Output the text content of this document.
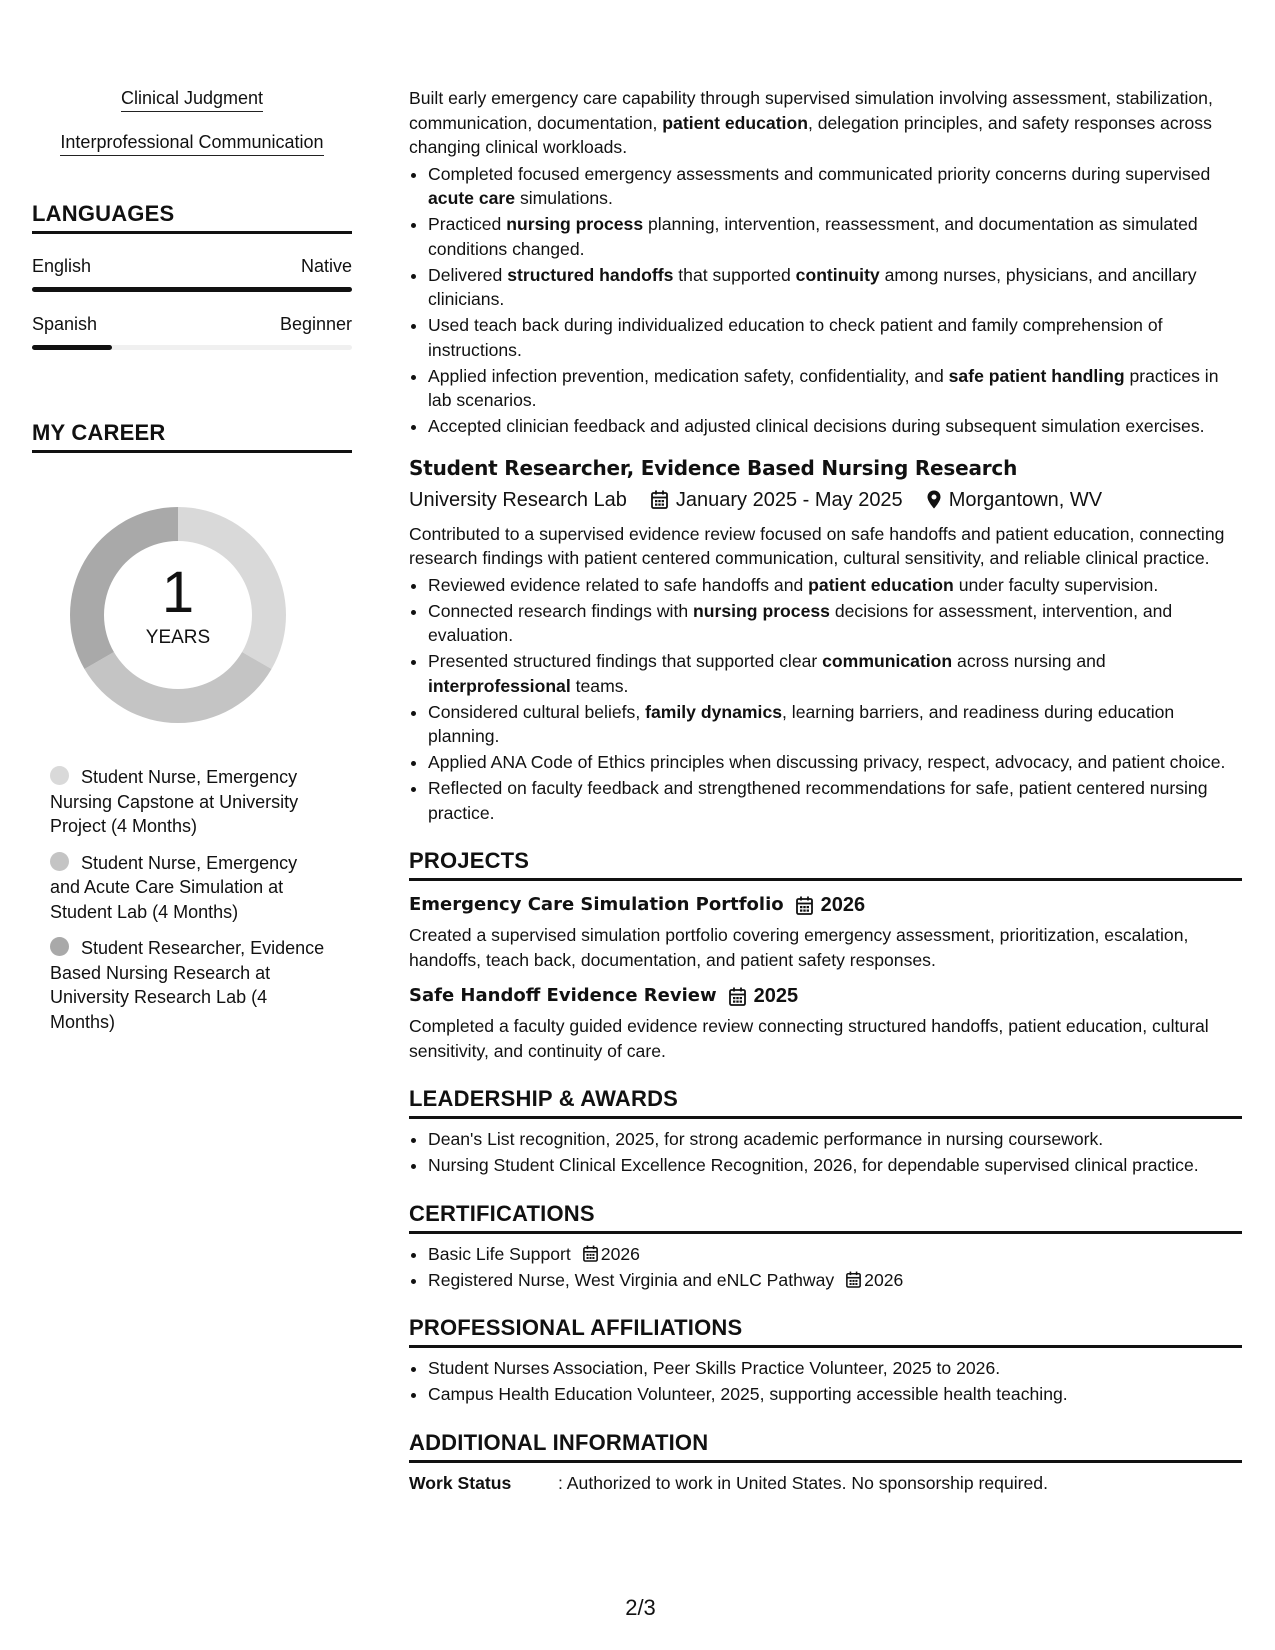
Clinical Judgment
Interprofessional Communication
LANGUAGES
English	Native
Spanish	Beginner
MY CAREER
1
YEARS
Student Nurse, Emergency Nursing Capstone at University Project (4 Months)
Student Nurse, Emergency and Acute Care Simulation at Student Lab (4 Months)
Student Researcher, Evidence Based Nursing Research at University Research Lab (4 Months)

Built early emergency care capability through supervised simulation involving assessment, stabilization, communication, documentation, patient education, delegation principles, and safety responses across changing clinical workloads.

• Completed focused emergency assessments and communicated priority concerns during supervised acute care simulations.
• Practiced nursing process planning, intervention, reassessment, and documentation as simulated conditions changed.
• Delivered structured handoffs that supported continuity among nurses, physicians, and ancillary clinicians.
• Used teach back during individualized education to check patient and family comprehension of instructions.
• Applied infection prevention, medication safety, confidentiality, and safe patient handling practices in lab scenarios.
• Accepted clinician feedback and adjusted clinical decisions during subsequent simulation exercises.
Student Researcher, Evidence Based Nursing Research
University Research Lab January 2025 - May 2025 Morgantown, WV

Contributed to a supervised evidence review focused on safe handoffs and patient education, connecting research findings with patient centered communication, cultural sensitivity, and reliable clinical practice.

• Reviewed evidence related to safe handoffs and patient education under faculty supervision.
• Connected research findings with nursing process decisions for assessment, intervention, and evaluation.
• Presented structured findings that supported clear communication across nursing and interprofessional teams.
• Considered cultural beliefs, family dynamics, learning barriers, and readiness during education planning.
• Applied ANA Code of Ethics principles when discussing privacy, respect, advocacy, and patient choice.
• Reflected on faculty feedback and strengthened recommendations for safe, patient centered nursing practice.
PROJECTS
Emergency Care Simulation Portfolio 2026

Created a supervised simulation portfolio covering emergency assessment, prioritization, escalation, handoffs, teach back, documentation, and patient safety responses.

Safe Handoff Evidence Review 2025

Completed a faculty guided evidence review connecting structured handoffs, patient education, cultural sensitivity, and continuity of care.

LEADERSHIP & AWARDS
• Dean's List recognition, 2025, for strong academic performance in nursing coursework.
• Nursing Student Clinical Excellence Recognition, 2026, for dependable supervised clinical practice.
CERTIFICATIONS
• Basic Life Support 2026
• Registered Nurse, West Virginia and eNLC Pathway 2026
PROFESSIONAL AFFILIATIONS
• Student Nurses Association, Peer Skills Practice Volunteer, 2025 to 2026.
• Campus Health Education Volunteer, 2025, supporting accessible health teaching.
ADDITIONAL INFORMATION
Work Status	: Authorized to work in United States. No sponsorship required.
2/3
